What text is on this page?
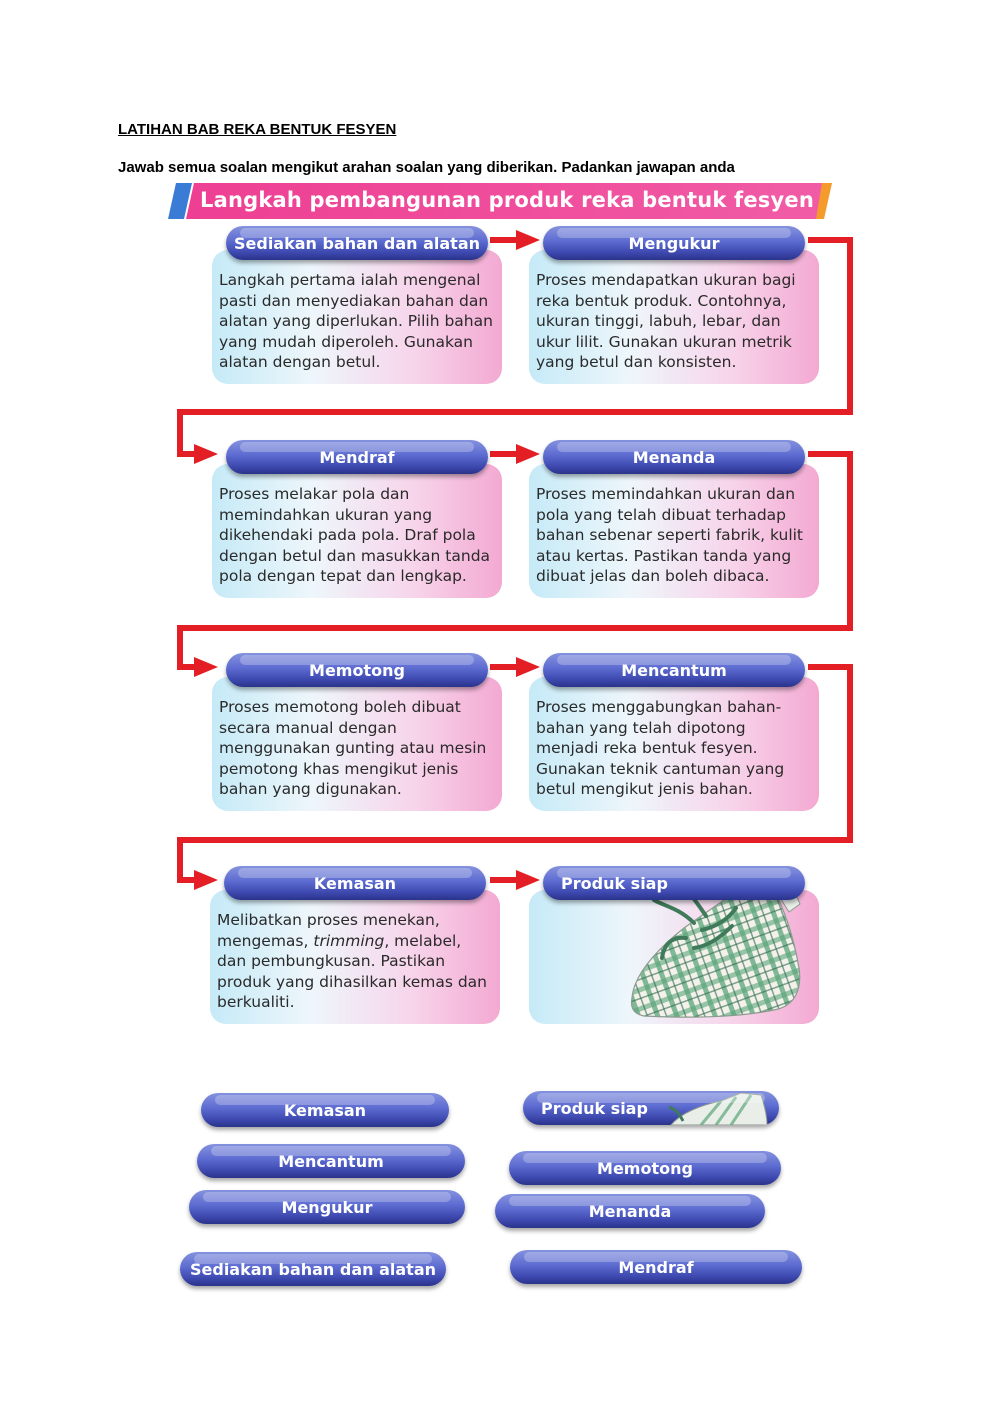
LATIHAN BAB REKA BENTUK FESYEN
Jawab semua soalan mengikut arahan soalan yang diberikan. Padankan jawapan anda
Langkah pembangunan produk reka bentuk fesyen
Langkah pertama ialah mengenal pasti dan menyediakan bahan dan alatan yang diperlukan. Pilih bahan yang mudah diperoleh. Gunakan alatan dengan betul.
Sediakan bahan dan alatan
Proses mendapatkan ukuran bagi reka bentuk produk. Contohnya, ukuran tinggi, labuh, lebar, dan ukur lilit. Gunakan ukuran metrik yang betul dan konsisten.
Mengukur
Proses melakar pola dan memindahkan ukuran yang dikehendaki pada pola. Draf pola dengan betul dan masukkan tanda pola dengan tepat dan lengkap.
Mendraf
Proses memindahkan ukuran dan pola yang telah dibuat terhadap bahan sebenar seperti fabrik, kulit atau kertas. Pastikan tanda yang dibuat jelas dan boleh dibaca.
Menanda
Proses memotong boleh dibuat secara manual dengan menggunakan gunting atau mesin pemotong khas mengikut jenis bahan yang digunakan.
Memotong
Proses menggabungkan bahan-bahan yang telah dipotong menjadi reka bentuk fesyen. Gunakan teknik cantuman yang betul mengikut jenis bahan.
Mencantum
Melibatkan proses menekan, mengemas, trimming, melabel, dan pembungkusan. Pastikan produk yang dihasilkan kemas dan berkualiti.
Kemasan	Produk siap
Kemasan	Produk siap
Mencantum	Memotong
Mengukur	Menanda
Sediakan bahan dan alatan	Mendraf
